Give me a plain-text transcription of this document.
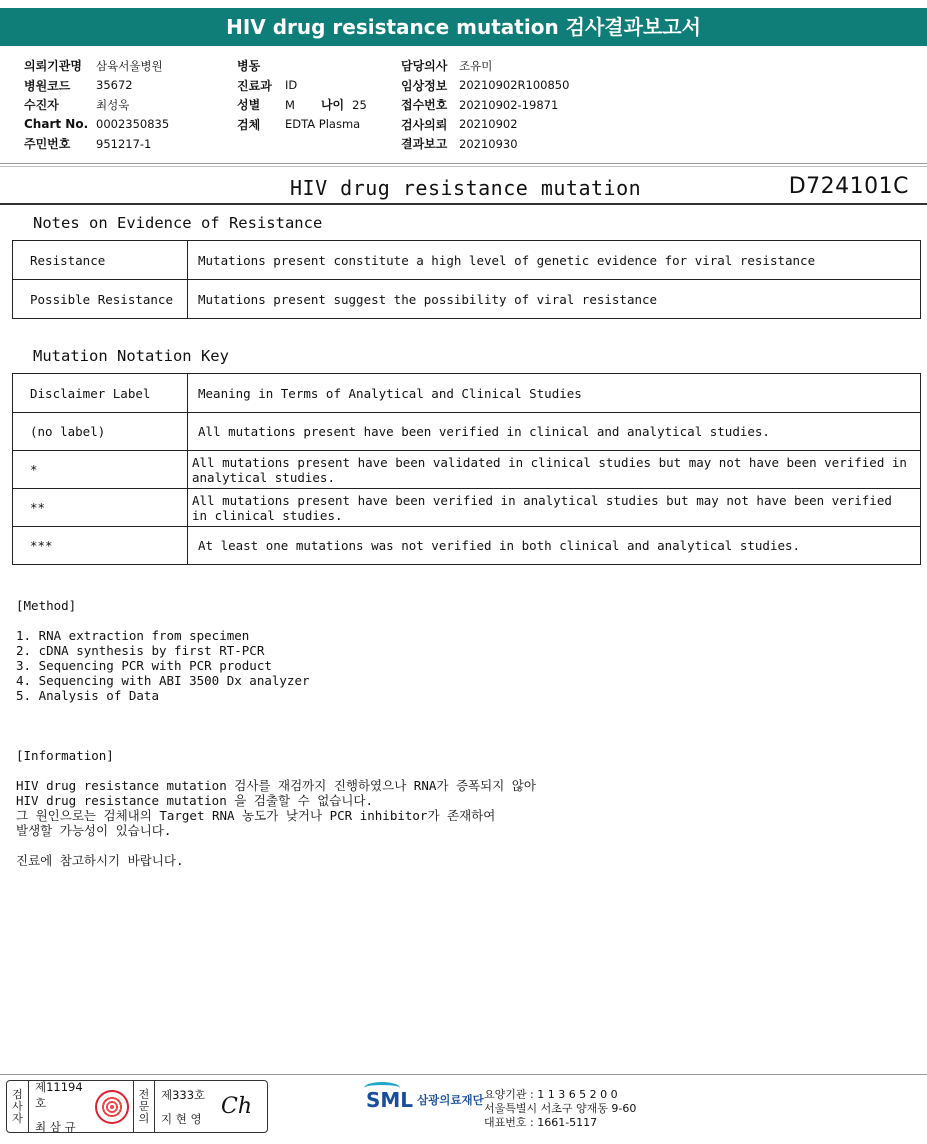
HIV drug resistance mutation 검사결과보고서
의뢰기관명	삼육서울병원
병원코드	35672
수진자	최성욱
Chart No. 0002350835
주민번호	951217-1
병동
진료과	ID
성별	M 나이 25
검체	EDTA Plasma
담당의사	조유미
임상정보	20210902R100850
접수번호	20210902-19871
검사의뢰	20210902
결과보고	20210930
HIV drug resistance mutation	D724101C
Notes on Evidence of Resistance
Resistance	Mutations present constitute a high level of genetic evidence for viral resistance
Possible Resistance	Mutations present suggest the possibility of viral resistance
Mutation Notation Key
Disclaimer Label	Meaning in Terms of Analytical and Clinical Studies
(no label)	All mutations present have been verified in clinical and analytical studies.
*	All mutations present have been validated in clinical studies but may not have been verified in analytical studies.
**	All mutations present have been verified in analytical studies but may not have been verified in clinical studies.
***	At least one mutations was not verified in both clinical and analytical studies.
[Method]
1. RNA extraction from specimen
2. cDNA synthesis by first RT-PCR
3. Sequencing PCR with PCR product
4. Sequencing with ABI 3500 Dx analyzer
5. Analysis of Data
[Information]
HIV drug resistance mutation 검사를 재검까지 진행하였으나 RNA가 증폭되지 않아
HIV drug resistance mutation 을 검출할 수 없습니다.
그 원인으로는 검체내의 Target RNA 농도가 낮거나 PCR inhibitor가 존재하여
발생할 가능성이 있습니다.
진료에 참고하시기 바랍니다.
검
사
자
제11194호
최 삼 규
전
문
의
제333호
지 현 영 Ch	SML 삼광의료재단 요양기관 : 1 1 3 6 5 2 0 0
서울특별시 서초구 양재동 9-60
대표번호 : 1661-5117
